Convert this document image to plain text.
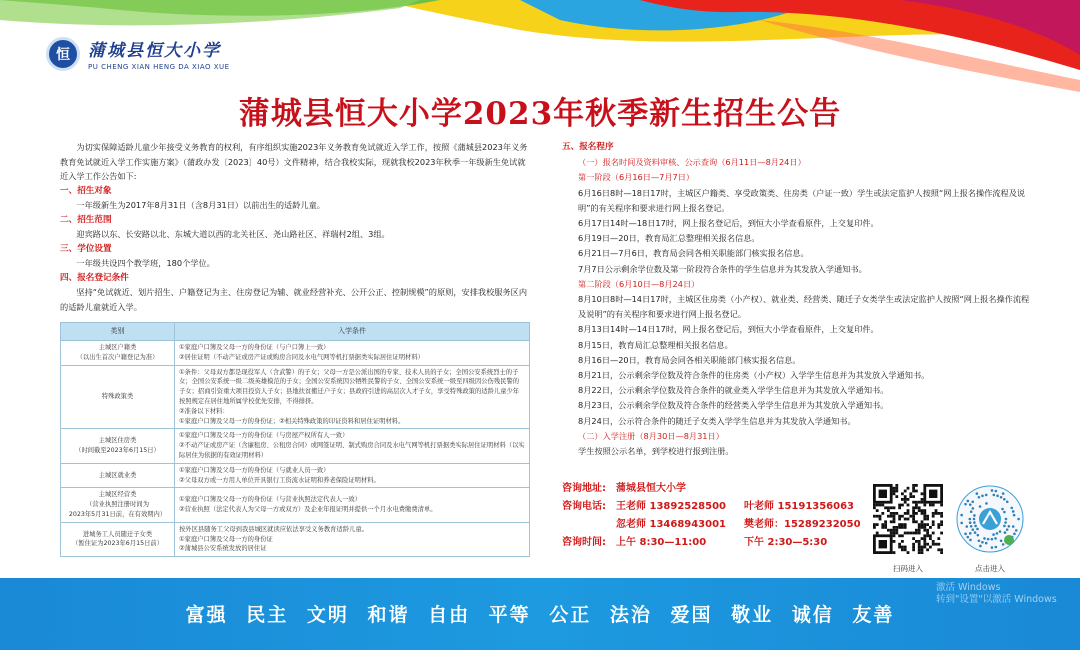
恒	蒲城县恒大小学
PU CHENG XIAN HENG DA XIAO XUE
蒲城县恒大小学2023年秋季新生招生公告

为切实保障适龄儿童少年接受义务教育的权利，有序组织实施2023年义务教育免试就近入学工作，按照《蒲城县2023年义务教育免试就近入学工作实施方案》（蒲政办发〔2023〕40号）文件精神，结合我校实际，现就我校2023年秋季一年级新生免试就近入学工作公告如下:

一、招生对象

一年级新生为2017年8月31日（含8月31日）以前出生的适龄儿童。

二、招生范围

迎宾路以东、长安路以北、东城大道以西的北关社区、尧山路社区、祥瑞村2组、3组。

三、学位设置

一年级共设四个教学班，180个学位。

四、报名登记条件

坚持“免试就近、划片招生、户籍登记为主、住房登记为辅、就业经营补充、公开公正、控制规模”的原则，安排我校服务区内的适龄儿童就近入学。

类别	入学条件
主城区户籍类
（以出生首次户籍登记为准）	①家庭户口簿及父母一方的身份证（与户口簿上一致）
②居住证明（不动产证或房产证或购房合同及水电气网等机打票据类实际居住证明材料）
特殊政策类	①条件：父母双方都是现役军人（含武警）的子女；父母一方是公派出国的专家、技术人员的子女；全国公安系统烈士的子女；全国公安系统一级二级英雄模范的子女；全国公安系统因公牺牲民警的子女、全国公安系统一级至四级因公伤残民警的子女；招商引资重大项目投资人子女；县地扶贫搬迁户子女；县政府引进的高层次人才子女，享受特殊政策的适龄儿童少年按照规定在居住地所属学校优先安排，不得排挤。
②准备以下材料：
①家庭户口簿及父母一方的身份证；②相关特殊政策的印证资料和居住证明材料。
主城区住房类
（时间截至2023年6月15日）	①家庭户口簿及父母一方的身份证（与房屋产权所有人一致）
②不动产证或房产证（含廉租房、公租房合同）或网签证明、制式购房合同及水电气网等机打票据类实际居住证明材料（以实际居住为依据的有效证明材料）
主城区就业类	①家庭户口簿及父母一方的身份证（与就业人员一致）
②父母双方或一方用人单位开具银行工资流水证明和养老保险证明材料。
主城区经营类
（营业执照注册时间为
2023年5月31日前，在有效期内）	①家庭户口簿及父母一方的身份证（与营业执照法定代表人一致）
②营业执照（法定代表人为父母一方或双方）及企业年报证明并提供一个月水电费缴费清单。
进城务工人员随迁子女类
（暂住证为2023年6月15日前）	按外区县随务工父母到我县城区就读应依法享受义务教育适龄儿童。
①家庭户口簿及父母一方的身份证
②蒲城县公安系统发放的居住证
五、报名程序
（一）报名时间及资料审核、公示查询（6月11日—8月24日）
第一阶段（6月16日—7月7日）
6月16日8时—18日17时，主城区户籍类、享受政策类、住房类（户证一致）学生或法定监护人按照“网上报名操作流程及说明”的有关程序和要求进行网上报名登记。
6月17日14时—18日17时，网上报名登记后，到恒大小学查看原件，上交复印件。
6月19日—20日，教育局汇总整理相关报名信息。
6月21日—7月6日，教育局会同各相关职能部门核实报名信息。
7月7日公示剩余学位数及第一阶段符合条件的学生信息并为其发放入学通知书。
第二阶段（6月10日—8月24日）
8月10日8时—14日17时，主城区住房类（小产权）、就业类、经营类、随迁子女类学生或法定监护人按照“网上报名操作流程及说明”的有关程序和要求进行网上报名登记。
8月13日14时—14日17时，网上报名登记后，到恒大小学查看原件，上交复印件。
8月15日，教育局汇总整理相关报名信息。
8月16日—20日，教育局会同各相关职能部门核实报名信息。
8月21日，公示剩余学位数及符合条件的住房类（小产权）入学学生信息并为其发放入学通知书。
8月22日，公示剩余学位数及符合条件的就业类入学学生信息并为其发放入学通知书。
8月23日，公示剩余学位数及符合条件的经营类入学学生信息并为其发放入学通知书。
8月24日，公示符合条件的随迁子女类入学学生信息并为其发放入学通知书。
（二）入学注册（8月30日—8月31日）
学生按照公示名单，到学校进行报到注册。
咨询地址:	蒲城县恒大小学
咨询电话:	王老师 13892528500	叶老师 15191356063
忽老师 13468943001	樊老师：15289232050
咨询时间:	上午 8:30—11:00	下午 2:30—5:30
扫码进入	点击进入
富强 民主 文明 和谐 自由 平等 公正 法治 爱国 敬业 诚信 友善
激活 Windows
转到"设置"以激活 Windows
